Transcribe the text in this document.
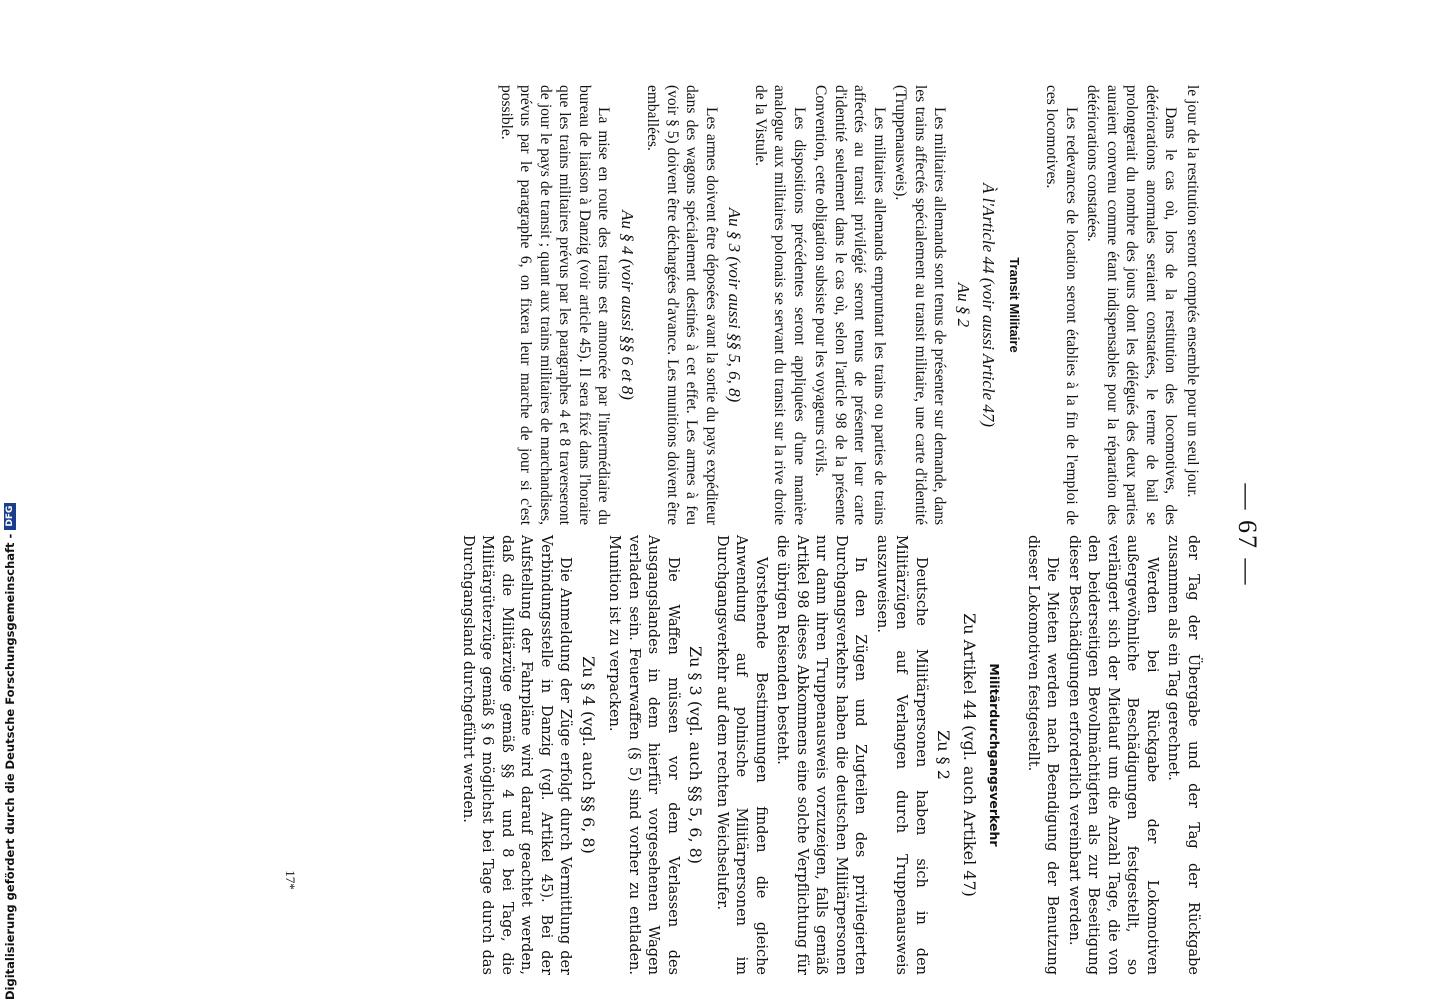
— 67 —

le jour de la restitution seront comptés ensemble pour un seul jour.

Dans le cas où, lors de la restitution des locomotives, des détériorations anormales seraient constatées, le terme de bail se prolongerait du nombre des jours dont les délégués des deux parties auraient convenu comme étant indispensables pour la réparation des détériorations constatées.

Les redevances de location seront établies à la fin de l'emploi de ces locomotives.

Transit Militaire
À l'Article 44 (voir aussi Article 47)
Au § 2

Les militaires allemands sont tenus de présenter sur demande, dans les trains affectés spécialement au transit militaire, une carte d'identité (Truppenausweis).

Les militaires allemands empruntant les trains ou parties de trains affectés au transit privilégié seront tenus de présenter leur carte d'identité seulement dans le cas où, selon l'article 98 de la présente Convention, cette obligation subsiste pour les voyageurs civils.

Les dispositions précédentes seront appliquées d'une manière analogue aux militaires polonais se servant du transit sur la rive droite de la Vistule.

Au § 3 (voir aussi §§ 5, 6, 8)

Les armes doivent être déposées avant la sortie du pays expéditeur dans des wagons spécialement destinés à cet effet. Les armes à feu (voir § 5) doivent être déchargées d'avance. Les munitions doivent être emballées.

Au § 4 (voir aussi §§ 6 et 8)

La mise en route des trains est annoncée par l'intermédiaire du bureau de liaison à Danzig (voir article 45). Il sera fixé dans l'horaire que les trains militaires prévus par les paragraphes 4 et 8 traverseront de jour le pays de transit ; quant aux trains militaires de marchandises, prévus par le paragraphe 6, on fixera leur marche de jour si c'est possible.

der Tag der Übergabe und der Tag der Rückgabe zusammen als ein Tag gerechnet.

Werden bei Rückgabe der Lokomotiven außergewöhnliche Beschädigungen festgestellt, so verlängert sich der Mietlauf um die Anzahl Tage, die von den beiderseitigen Bevollmächtigten als zur Beseitigung dieser Beschädigungen erforderlich vereinbart werden.

Die Mieten werden nach Beendigung der Benutzung dieser Lokomotiven festgestellt.

Militärdurchgangsverkehr
Zu Artikel 44 (vgl. auch Artikel 47)
Zu § 2

Deutsche Militärpersonen haben sich in den Militärzügen auf Verlangen durch Truppenausweis auszuweisen.

In den Zügen und Zugteilen des privilegierten Durchgangsverkehrs haben die deutschen Militärpersonen nur dann ihren Truppenausweis vorzuzeigen, falls gemäß Artikel 98 dieses Abkommens eine solche Verpflichtung für die übrigen Reisenden besteht.

Vorstehende Bestimmungen finden die gleiche Anwendung auf polnische Militärpersonen im Durchgangsverkehr auf dem rechten Weichselufer.

Zu § 3 (vgl. auch §§ 5, 6, 8)

Die Waffen müssen vor dem Verlassen des Ausgangslandes in dem hierfür vorgesehenen Wagen verladen sein. Feuerwaffen (§ 5) sind vorher zu entladen. Munition ist zu verpacken.

Zu § 4 (vgl. auch §§ 6, 8)

Die Anmeldung der Züge erfolgt durch Vermittlung der Verbindungsstelle in Danzig (vgl. Artikel 45). Bei der Aufstellung der Fahrpläne wird darauf geachtet werden, daß die Militärzüge gemäß §§ 4 und 8 bei Tage, die Militärgüterzüge gemäß § 6 möglichst bei Tage durch das Durchgangsland durchgeführt werden.

17*
Digitalisierung gefördert durch die Deutsche Forschungsgemeinschaft -
DFG
